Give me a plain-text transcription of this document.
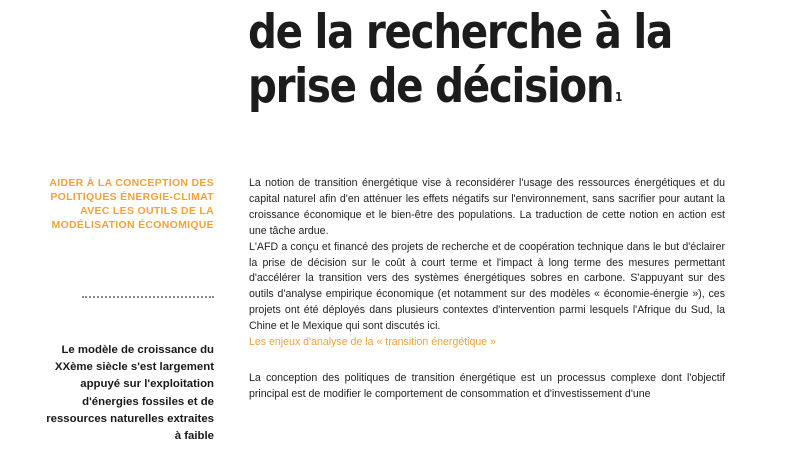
de la recherche à la
prise de décision $^1$
AIDER À LA CONCEPTION DES POLITIQUES ÉNERGIE-CLIMAT AVEC LES OUTILS DE LA MODÉLISATION ÉCONOMIQUE
Le modèle de croissance du XXème siècle s'est largement appuyé sur l'exploitation d'énergies fossiles et de ressources naturelles extraites à faible

La notion de transition énergétique vise à reconsidérer l'usage des ressources énergétiques et du capital naturel afin d'en atténuer les effets négatifs sur l'environnement, sans sacrifier pour autant la croissance économique et le bien-être des populations. La traduction de cette notion en action est une tâche ardue.

L'AFD a conçu et financé des projets de recherche et de coopération technique dans le but d'éclairer la prise de décision sur le coût à court terme et l'impact à long terme des mesures permettant d'accélérer la transition vers des systèmes énergétiques sobres en carbone. S'appuyant sur des outils d'analyse empirique économique (et notamment sur des modèles « économie-énergie »), ces projets ont été déployés dans plusieurs contextes d'intervention parmi lesquels l'Afrique du Sud, la Chine et le Mexique qui sont discutés ici.

Les enjeux d'analyse de la « transition énergétique »

La conception des politiques de transition énergétique est un processus complexe dont l'objectif principal est de modifier le comportement de consommation et d'investissement d'une
